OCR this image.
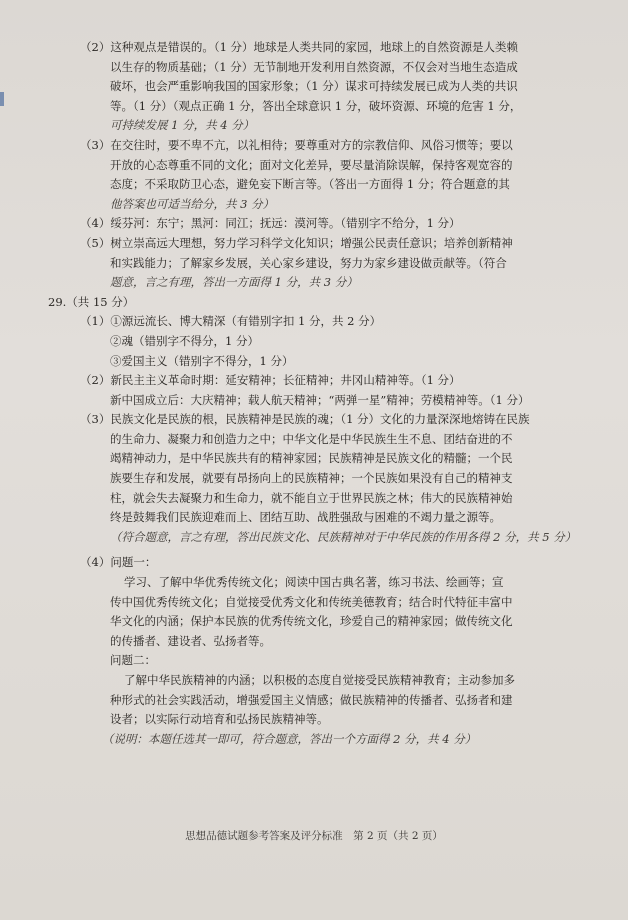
（2）这种观点是错误的。（1 分）地球是人类共同的家园，地球上的自然资源是人类赖
以生存的物质基础；（1 分）无节制地开发利用自然资源，不仅会对当地生态造成
破坏，也会严重影响我国的国家形象；（1 分）谋求可持续发展已成为人类的共识
等。（1 分）（观点正确 1 分，答出全球意识 1 分，破坏资源、环境的危害 1 分，
可持续发展 1 分，共 4 分）
（3）在交往时，要不卑不亢，以礼相待；要尊重对方的宗教信仰、风俗习惯等；要以
开放的心态尊重不同的文化；面对文化差异，要尽量消除误解，保持客观宽容的
态度；不采取防卫心态，避免妄下断言等。（答出一方面得 1 分；符合题意的其
他答案也可适当给分，共 3 分）
（4）绥芬河：东宁；黑河：同江；抚远：漠河等。（错别字不给分，1 分）
（5）树立崇高远大理想，努力学习科学文化知识；增强公民责任意识；培养创新精神
和实践能力；了解家乡发展，关心家乡建设，努力为家乡建设做贡献等。（符合
题意，言之有理，答出一方面得 1 分，共 3 分）
29.（共 15 分）
（1）①源远流长、博大精深（有错别字扣 1 分，共 2 分）
②魂（错别字不得分，1 分）
③爱国主义（错别字不得分，1 分）
（2）新民主主义革命时期：延安精神；长征精神；井冈山精神等。（1 分）
新中国成立后：大庆精神；载人航天精神；“两弹一星”精神；劳模精神等。（1 分）
（3）民族文化是民族的根，民族精神是民族的魂；（1 分）文化的力量深深地熔铸在民族
的生命力、凝聚力和创造力之中；中华文化是中华民族生生不息、团结奋进的不
竭精神动力，是中华民族共有的精神家园；民族精神是民族文化的精髓；一个民
族要生存和发展，就要有昂扬向上的民族精神；一个民族如果没有自己的精神支
柱，就会失去凝聚力和生命力，就不能自立于世界民族之林；伟大的民族精神始
终是鼓舞我们民族迎难而上、团结互助、战胜强敌与困难的不竭力量之源等。
（符合题意，言之有理，答出民族文化、民族精神对于中华民族的作用各得 2 分，共 5 分）
（4）问题一：
学习、了解中华优秀传统文化；阅读中国古典名著，练习书法、绘画等；宣
传中国优秀传统文化；自觉接受优秀文化和传统美德教育；结合时代特征丰富中
华文化的内涵；保护本民族的优秀传统文化，珍爱自己的精神家园；做传统文化
的传播者、建设者、弘扬者等。
问题二：
了解中华民族精神的内涵；以积极的态度自觉接受民族精神教育；主动参加多
种形式的社会实践活动，增强爱国主义情感；做民族精神的传播者、弘扬者和建
设者；以实际行动培育和弘扬民族精神等。
（说明：本题任选其一即可，符合题意，答出一个方面得 2 分，共 4 分）
思想品德试题参考答案及评分标准　第 2 页（共 2 页）
